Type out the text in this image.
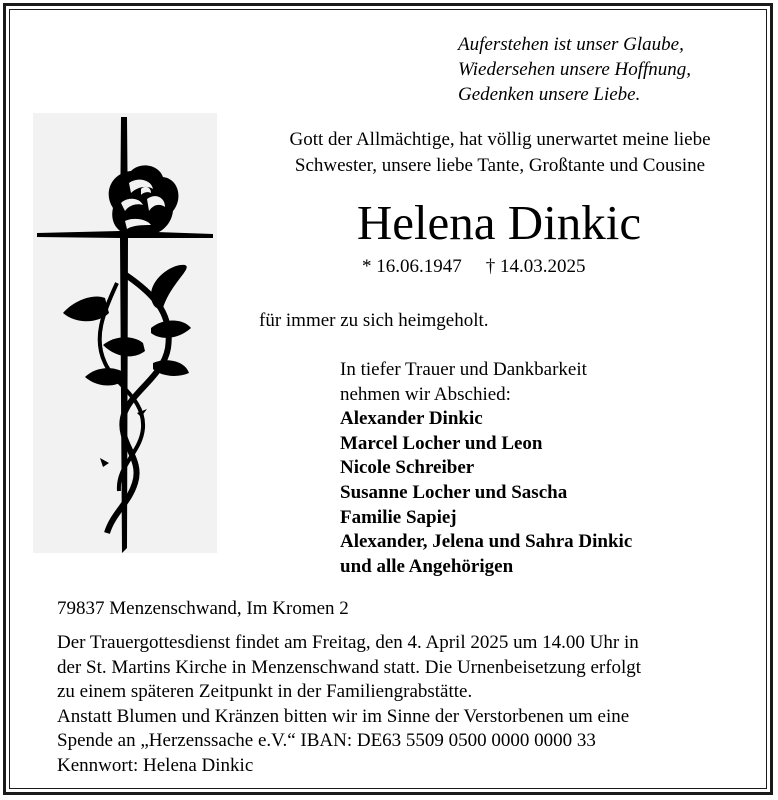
Auferstehen ist unser Glaube,
Wiedersehen unsere Hoffnung,
Gedenken unsere Liebe.
Gott der Allmächtige, hat völlig unerwartet meine liebe
Schwester, unsere liebe Tante, Großtante und Cousine
Helena Dinkic
* 16.06.1947 † 14.03.2025
für immer zu sich heimgeholt.
In tiefer Trauer und Dankbarkeit
nehmen wir Abschied:
Alexander Dinkic
Marcel Locher und Leon
Nicole Schreiber
Susanne Locher und Sascha
Familie Sapiej
Alexander, Jelena und Sahra Dinkic
und alle Angehörigen
79837 Menzenschwand, Im Kromen 2
Der Trauergottesdienst findet am Freitag, den 4. April 2025 um 14.00 Uhr in
der St. Martins Kirche in Menzenschwand statt. Die Urnenbeisetzung erfolgt
zu einem späteren Zeitpunkt in der Familiengrabstätte.
Anstatt Blumen und Kränzen bitten wir im Sinne der Verstorbenen um eine
Spende an „Herzenssache e.V.“ IBAN: DE63 5509 0500 0000 0000 33
Kennwort: Helena Dinkic
